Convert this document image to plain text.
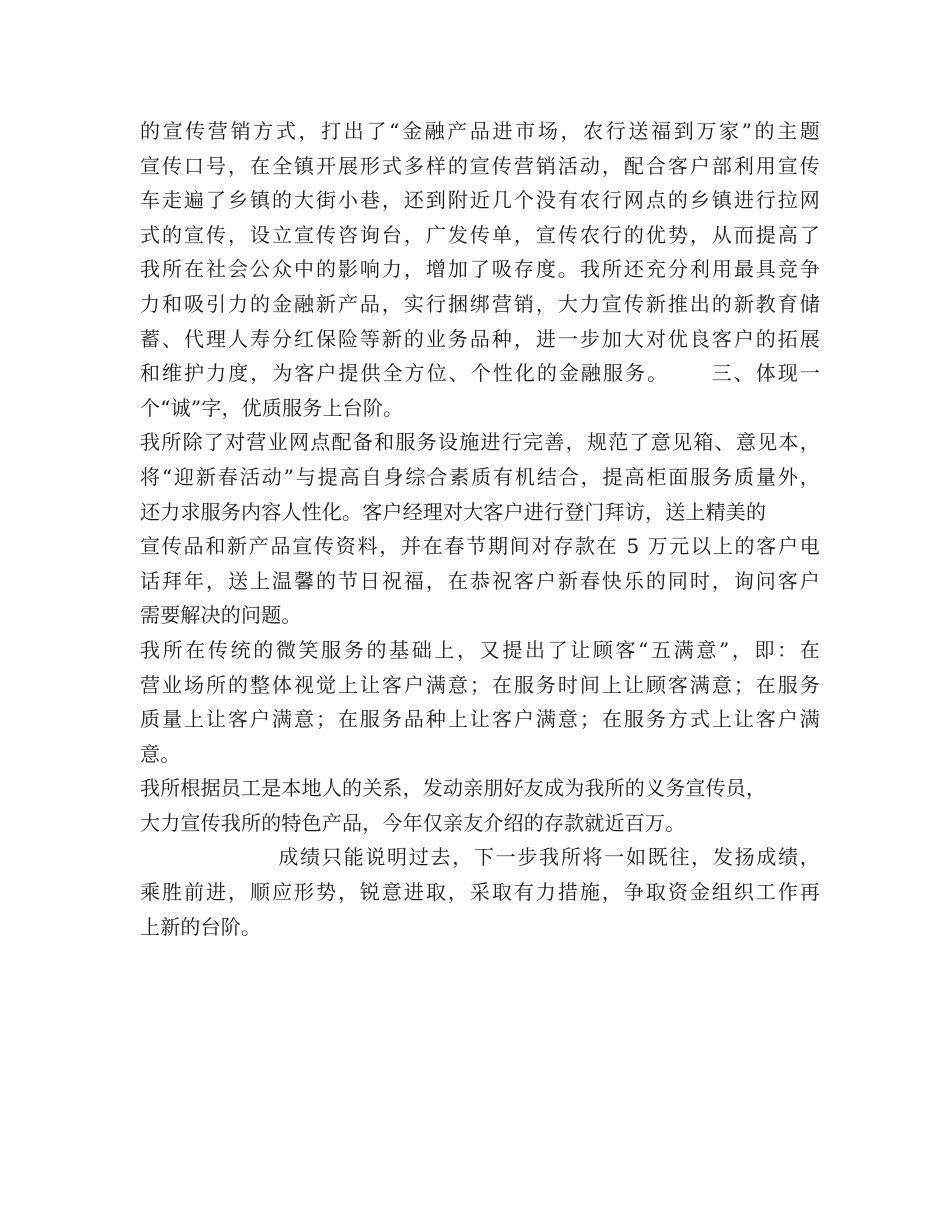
的宣传营销方式，打出了“金融产品进市场，农行送福到万家”的主题
宣传口号，在全镇开展形式多样的宣传营销活动，配合客户部利用宣传
车走遍了乡镇的大街小巷，还到附近几个没有农行网点的乡镇进行拉网
式的宣传，设立宣传咨询台，广发传单，宣传农行的优势，从而提高了
我所在社会公众中的影响力，增加了吸存度。我所还充分利用最具竞争
力和吸引力的金融新产品，实行捆绑营销，大力宣传新推出的新教育储
蓄、代理人寿分红保险等新的业务品种，进一步加大对优良客户的拓展
和维护力度，为客户提供全方位、个性化的金融服务。　　 三、体现一
个“诚”字，优质服务上台阶。
我所除了对营业网点配备和服务设施进行完善，规范了意见箱、意见本，
将“迎新春活动”与提高自身综合素质有机结合，提高柜面服务质量外，
还力求服务内容人性化。客户经理对大客户进行登门拜访，送上精美的
宣传品和新产品宣传资料，并在春节期间对存款在 5 万元以上的客户电
话拜年，送上温馨的节日祝福，在恭祝客户新春快乐的同时，询问客户
需要解决的问题。
我所在传统的微笑服务的基础上，又提出了让顾客“五满意”，即：在
营业场所的整体视觉上让客户满意；在服务时间上让顾客满意；在服务
质量上让客户满意；在服务品种上让客户满意；在服务方式上让客户满
意。
我所根据员工是本地人的关系，发动亲朋好友成为我所的义务宣传员，
大力宣传我所的特色产品，今年仅亲友介绍的存款就近百万。
　　　　　　 成绩只能说明过去，下一步我所将一如既往，发扬成绩，
乘胜前进，顺应形势，锐意进取，采取有力措施，争取资金组织工作再
上新的台阶。
